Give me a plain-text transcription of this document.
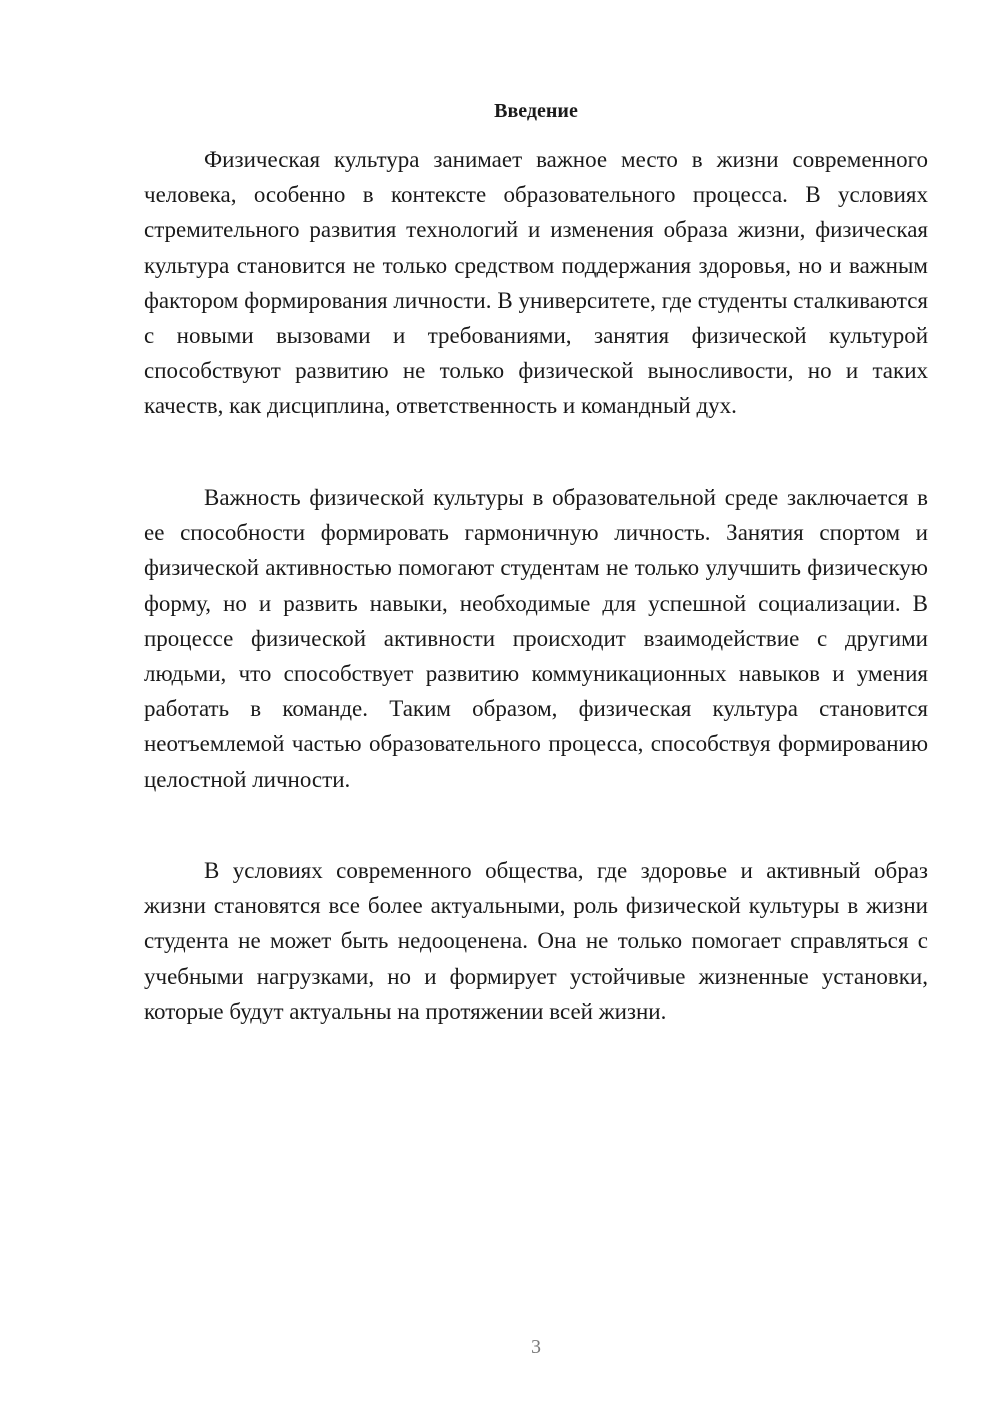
Введение

Физическая культура занимает важное место в жизни современного человека, особенно в контексте образовательного процесса. В условиях стремительного развития технологий и изменения образа жизни, физическая культура становится не только средством поддержания здоровья, но и важным фактором формирования личности. В университете, где студенты сталкиваются с новыми вызовами и требованиями, занятия физической культурой способствуют развитию не только физической выносливости, но и таких качеств, как дисциплина, ответственность и командный дух.

Важность физической культуры в образовательной среде заключается в ее способности формировать гармоничную личность. Занятия спортом и физической активностью помогают студентам не только улучшить физическую форму, но и развить навыки, необходимые для успешной социализации. В процессе физической активности происходит взаимодействие с другими людьми, что способствует развитию коммуникационных навыков и умения работать в команде. Таким образом, физическая культура становится неотъемлемой частью образовательного процесса, способствуя формированию целостной личности.

В условиях современного общества, где здоровье и активный образ жизни становятся все более актуальными, роль физической культуры в жизни студента не может быть недооценена. Она не только помогает справляться с учебными нагрузками, но и формирует устойчивые жизненные установки, которые будут актуальны на протяжении всей жизни.

3
